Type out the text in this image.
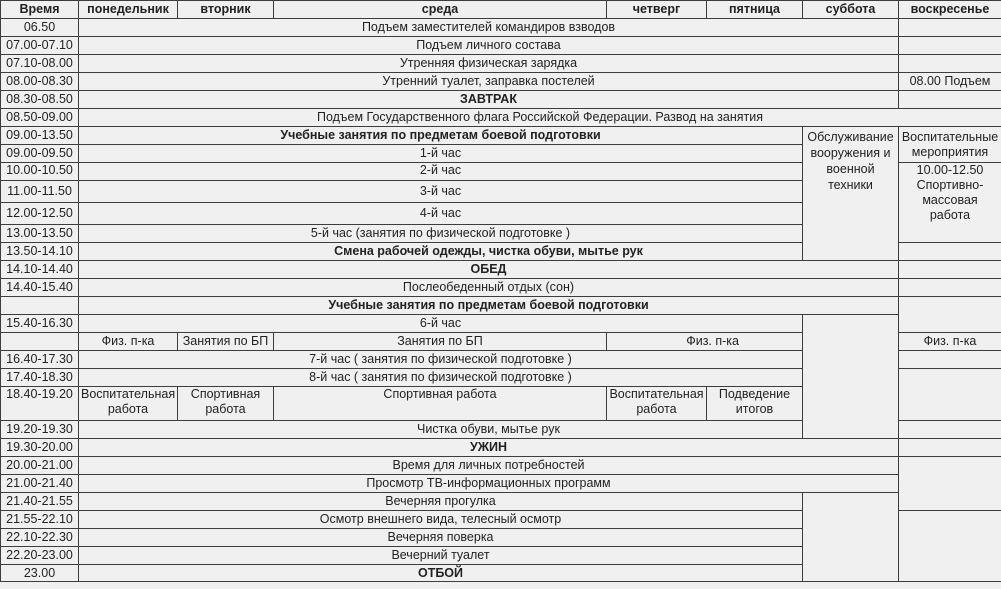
Время	понедельник	вторник	среда	четверг	пятница	суббота	воскресенье	
06.50	Подъем заместителей командиров взводов							
07.00-07.10	Подъем личного состава							
07.10-08.00	Утренняя физическая зарядка							
08.00-08.30	Утренний туалет, заправка постелей						08.00 Подъем	
08.30-08.50	ЗАВТРАК							
08.50-09.00	Подъем Государственного флага Российской Федерации. Развод на занятия							
09.00-13.50	Учебные занятия по предметам боевой подготовки					Обслуживание вооружения и военной техники	Воспитательные мероприятия	
09.00-09.50	1-й час							
10.00-10.50	2-й час						10.00-12.50 Спортивно-массовая работа	
11.00-11.50	3-й час							
12.00-12.50	4-й час							
13.00-13.50	5-й час (занятия по физической подготовке )							
13.50-14.10	Смена рабочей одежды, чистка обуви, мытье рук							
14.10-14.40	ОБЕД							
14.40-15.40	Послеобеденный отдых (сон)							
	Учебные занятия по предметам боевой подготовки							
15.40-16.30	6-й час							
	Физ. п-ка	Занятия по БП	Занятия по БП	Физ. п-ка			Физ. п-ка	
16.40-17.30	7-й час ( занятия по физической подготовке )							
17.40-18.30	8-й час ( занятия по физической подготовке )							
18.40-19.20	Воспитательная работа	Спортивная работа	Спортивная работа	Воспитательная работа	Подведение итогов			
19.20-19.30	Чистка обуви, мытье рук							
19.30-20.00	УЖИН							
20.00-21.00	Время для личных потребностей							
21.00-21.40	Просмотр ТВ-информационных программ							
21.40-21.55	Вечерняя прогулка							
21.55-22.10	Осмотр внешнего вида, телесный осмотр							
22.10-22.30	Вечерняя поверка							
22.20-23.00	Вечерний туалет							
23.00	ОТБОЙ							
